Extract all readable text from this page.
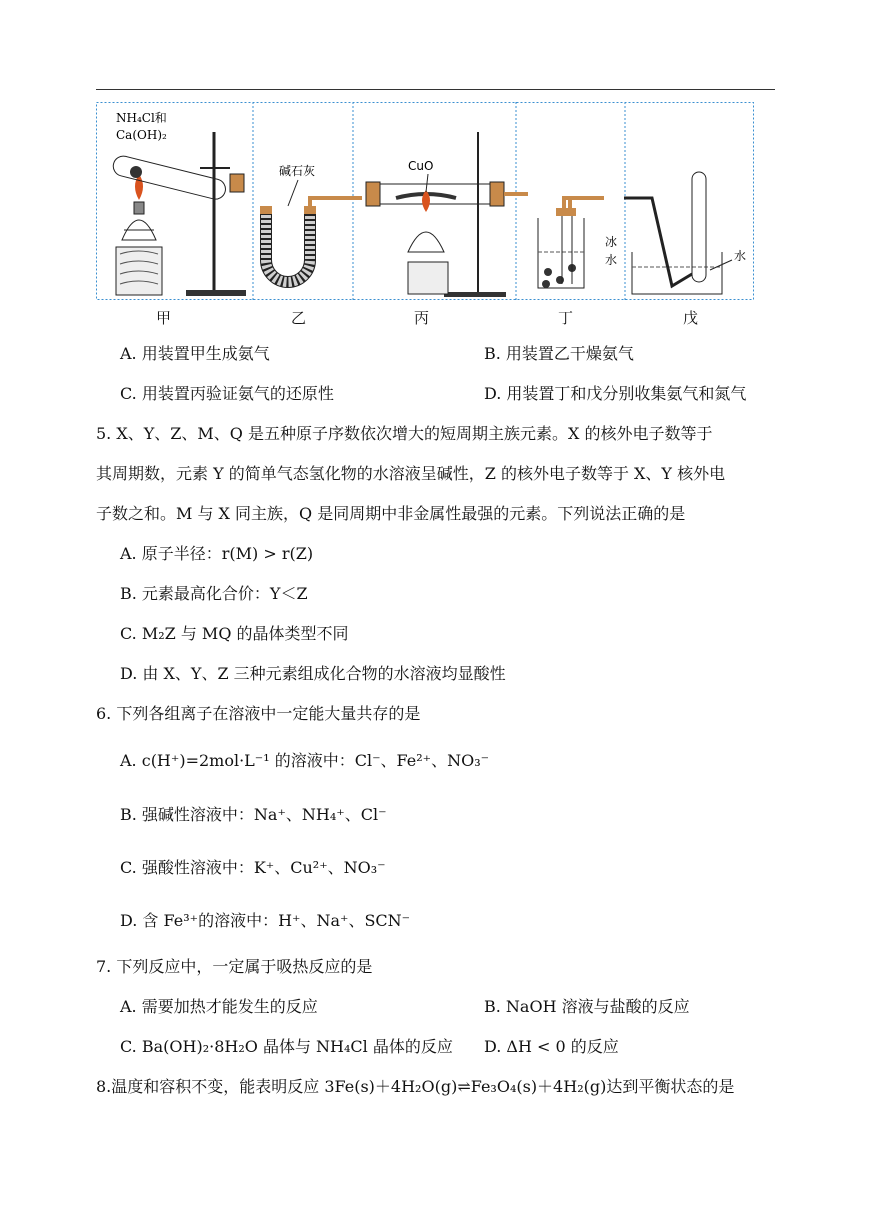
NH₄Cl和
Ca(OH)₂
碱石灰	CuO
冰
水	水
甲	乙	丙	丁	戊
A. 用装置甲生成氨气	B. 用装置乙干燥氨气
C. 用装置丙验证氨气的还原性	D. 用装置丁和戊分别收集氨气和氮气
5. X、Y、Z、M、Q 是五种原子序数依次增大的短周期主族元素。X 的核外电子数等于
其周期数，元素 Y 的简单气态氢化物的水溶液呈碱性，Z 的核外电子数等于 X、Y 核外电
子数之和。M 与 X 同主族，Q 是同周期中非金属性最强的元素。下列说法正确的是
A. 原子半径：r(M) > r(Z)
B. 元素最高化合价：Y＜Z
C. M₂Z 与 MQ 的晶体类型不同
D. 由 X、Y、Z 三种元素组成化合物的水溶液均显酸性
6. 下列各组离子在溶液中一定能大量共存的是
A. c(H⁺)=2mol·L⁻¹ 的溶液中：Cl⁻、Fe²⁺、NO₃⁻
B. 强碱性溶液中：Na⁺、NH₄⁺、Cl⁻
C. 强酸性溶液中：K⁺、Cu²⁺、NO₃⁻
D. 含 Fe³⁺的溶液中：H⁺、Na⁺、SCN⁻
7. 下列反应中，一定属于吸热反应的是
A. 需要加热才能发生的反应	B. NaOH 溶液与盐酸的反应
C. Ba(OH)₂·8H₂O 晶体与 NH₄Cl 晶体的反应 D. ΔH < 0 的反应
8.温度和容积不变，能表明反应 3Fe(s)＋4H₂O(g)⇌Fe₃O₄(s)＋4H₂(g)达到平衡状态的是
